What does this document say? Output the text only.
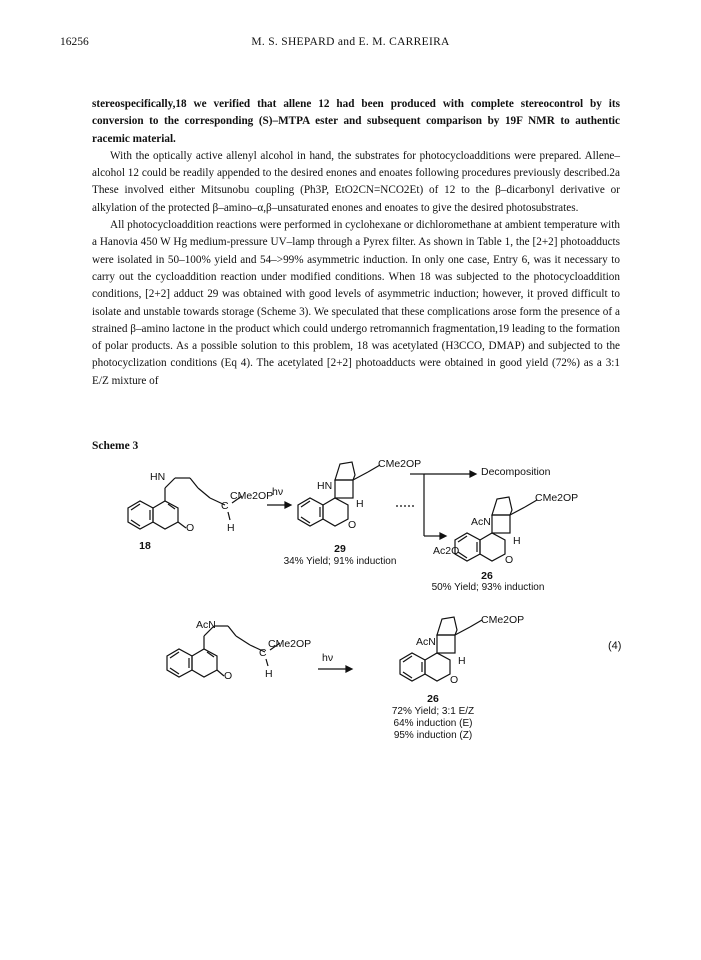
16256	M. S. SHEPARD and E. M. CARREIRA

stereospecifically,18 we verified that allene 12 had been produced with complete stereocontrol by its conversion to the corresponding (S)–MTPA ester and subsequent comparison by 19F NMR to authentic racemic material.

With the optically active allenyl alcohol in hand, the substrates for photocycloadditions were prepared. Allene–alcohol 12 could be readily appended to the desired enones and enoates following procedures previously described.2a These involved either Mitsunobu coupling (Ph3P, EtO2CN=NCO2Et) of 12 to the β–dicarbonyl derivative or alkylation of the protected β–amino–α,β–unsaturated enones and enoates to give the desired photosubstrates.

All photocycloaddition reactions were performed in cyclohexane or dichloromethane at ambient temperature with a Hanovia 450 W Hg medium-pressure UV–lamp through a Pyrex filter. As shown in Table 1, the [2+2] photoadducts were isolated in 50–100% yield and 54–>99% asymmetric induction. In only one case, Entry 6, was it necessary to carry out the cycloaddition reaction under modified conditions. When 18 was subjected to the photocycloaddition conditions, [2+2] adduct 29 was obtained with good levels of asymmetric induction; however, it proved difficult to isolate and unstable towards storage (Scheme 3). We speculated that these complications arose form the presence of a strained β–amino lactone in the product which could undergo retromannich fragmentation,19 leading to the formation of polar products. As a possible solution to this problem, 18 was acetylated (H3CCO, DMAP) and subjected to the photocyclization conditions (Eq 4). The acetylated [2+2] photoadducts were obtained in good yield (72%) as a 3:1 E/Z mixture of

Scheme 3
HN
C
CMe2OP
O	H
hν	HN
CMe2OP
H
O
Decomposition
Ac2O
CMe2OP
AcN
H
O
18	29
34% Yield; 91% induction
26
50% Yield; 93% induction
AcN
C
CMe2OP
O	H
hν
CMe2OP
AcN
H
O
26
72% Yield; 3:1 E/Z
64% induction (E)
95% induction (Z)
(4)
